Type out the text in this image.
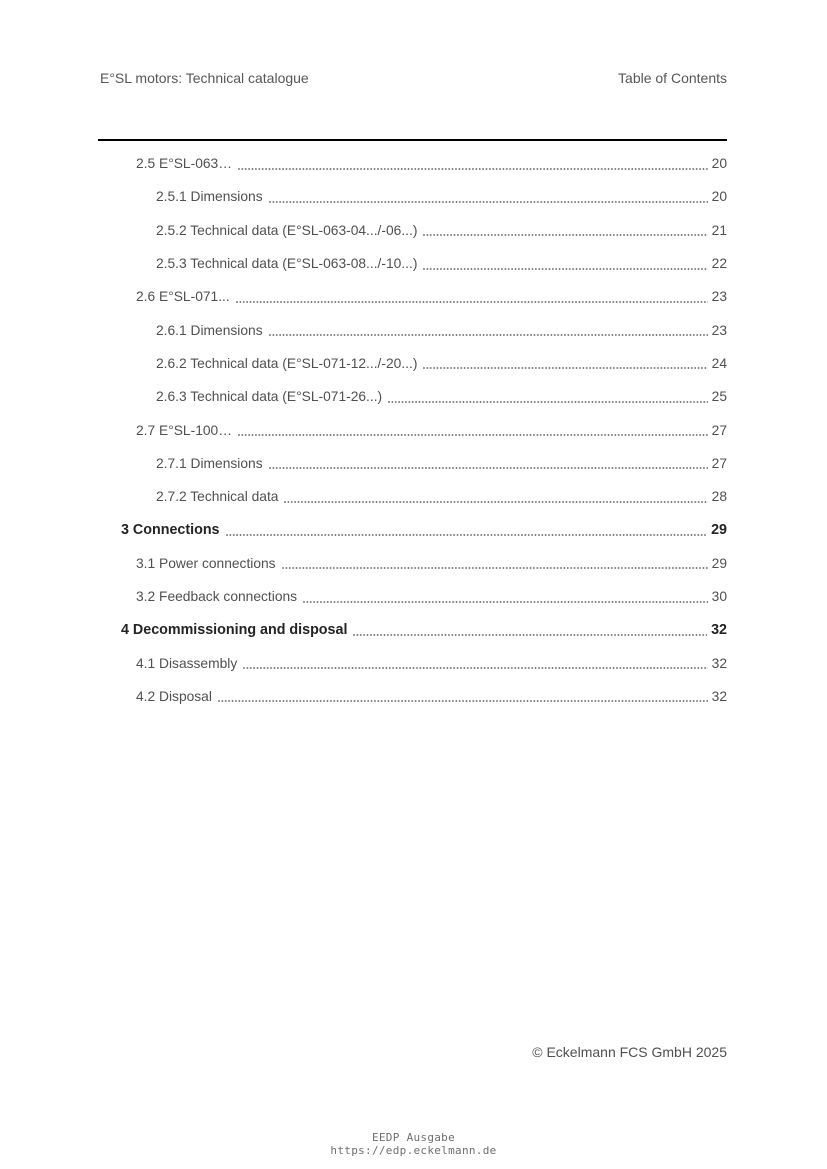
E°SL motors: Technical catalogue	Table of Contents
2.5 E°SL-063…	20
2.5.1 Dimensions	20
2.5.2 Technical data (E°SL-063-04.../-06...)	21
2.5.3 Technical data (E°SL-063-08.../-10...)	22
2.6 E°SL-071...	23
2.6.1 Dimensions	23
2.6.2 Technical data (E°SL-071-12.../-20...)	24
2.6.3 Technical data (E°SL-071-26...)	25
2.7 E°SL-100…	27
2.7.1 Dimensions	27
2.7.2 Technical data	28
3 Connections	29
3.1 Power connections	29
3.2 Feedback connections	30
4 Decommissioning and disposal	32
4.1 Disassembly	32
4.2 Disposal	32
© Eckelmann FCS GmbH 2025
EEDP Ausgabe
https://edp.eckelmann.de
